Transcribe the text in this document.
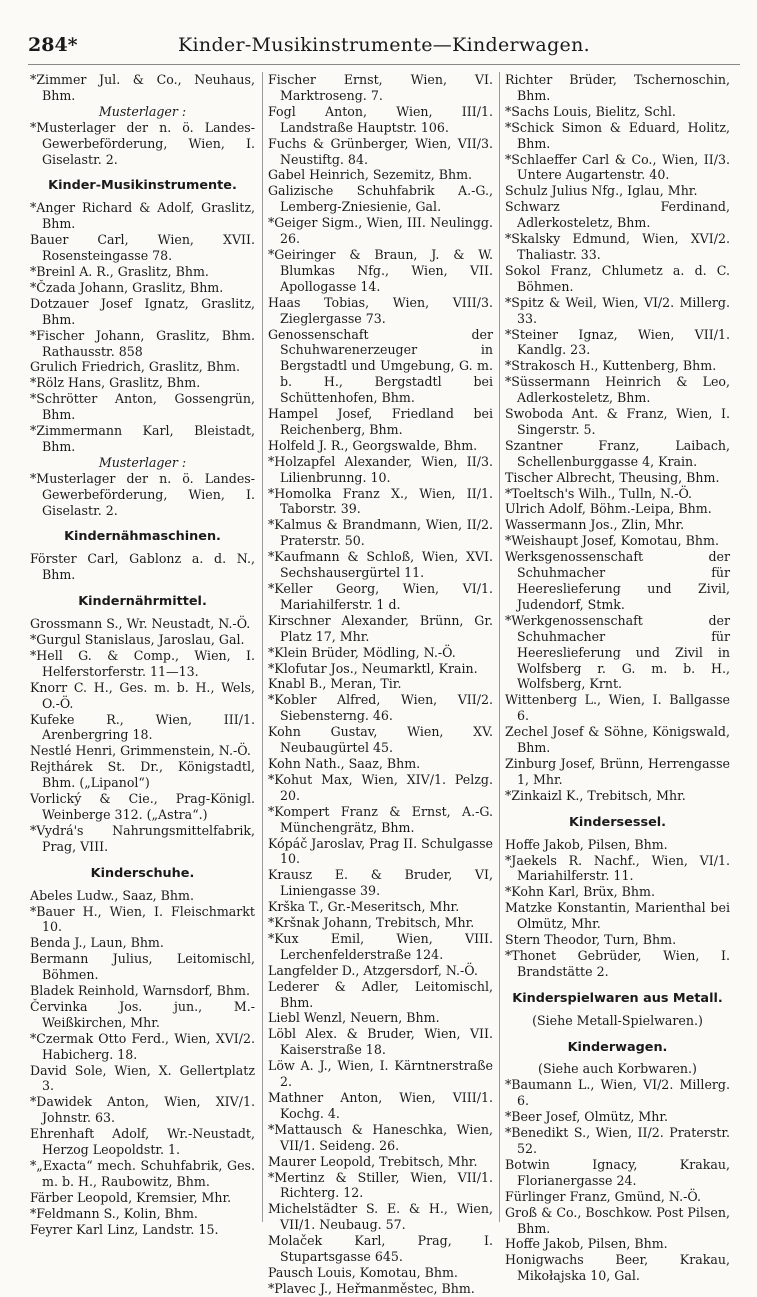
284*	Kinder-Musikinstrumente—Kinderwagen.
*Zimmer Jul. & Co., Neuhaus, Bhm.
Musterlager :
*Musterlager der n. ö. Landes-Gewerbeförderung, Wien, I. Giselastr. 2.
Kinder-Musikinstrumente.
*Anger Richard & Adolf, Graslitz, Bhm.
Bauer Carl, Wien, XVII. Rosensteingasse 78.
*Breinl A. R., Graslitz, Bhm.
*Čzada Johann, Graslitz, Bhm.
Dotzauer Josef Ignatz, Graslitz, Bhm.
*Fischer Johann, Graslitz, Bhm. Rathausstr. 858
Grulich Friedrich, Graslitz, Bhm.
*Rölz Hans, Graslitz, Bhm.
*Schrötter Anton, Gossengrün, Bhm.
*Zimmermann Karl, Bleistadt, Bhm.
Musterlager :
*Musterlager der n. ö. Landes-Gewerbeförderung, Wien, I. Giselastr. 2.
Kindernähmaschinen.
Förster Carl, Gablonz a. d. N., Bhm.
Kindernährmittel.
Grossmann S., Wr. Neustadt, N.-Ö.
*Gurgul Stanislaus, Jaroslau, Gal.
*Hell G. & Comp., Wien, I. Helferstorferstr. 11—13.
Knorr C. H., Ges. m. b. H., Wels, O.-Ö.
Kufeke R., Wien, III/1. Arenbergring 18.
Nestlé Henri, Grimmenstein, N.-Ö.
Rejthárek St. Dr., Königstadtl, Bhm. („Lipanol“)
Vorlický & Cie., Prag-Königl. Weinberge 312. („Astra“.)
*Vydrá's Nahrungsmittelfabrik, Prag, VIII.
Kinderschuhe.
Abeles Ludw., Saaz, Bhm.
*Bauer H., Wien, I. Fleischmarkt 10.
Benda J., Laun, Bhm.
Bermann Julius, Leitomischl, Böhmen.
Bladek Reinhold, Warnsdorf, Bhm.
Červinka Jos. jun., M.-Weißkirchen, Mhr.
*Czermak Otto Ferd., Wien, XVI/2. Habicherg. 18.
David Sole, Wien, X. Gellertplatz 3.
*Dawidek Anton, Wien, XIV/1. Johnstr. 63.
Ehrenhaft Adolf, Wr.-Neustadt, Herzog Leopoldstr. 1.
*„Exacta“ mech. Schuhfabrik, Ges. m. b. H., Raubowitz, Bhm.
Färber Leopold, Kremsier, Mhr.
*Feldmann S., Kolin, Bhm.
Feyrer Karl Linz, Landstr. 15.
Fischer Ernst, Wien, VI. Marktroseng. 7.
Fogl Anton, Wien, III/1. Landstraße Hauptstr. 106.
Fuchs & Grünberger, Wien, VII/3. Neustiftg. 84.
Gabel Heinrich, Sezemitz, Bhm.
Galizische Schuhfabrik A.-G., Lemberg-Zniesienie, Gal.
*Geiger Sigm., Wien, III. Neulingg. 26.
*Geiringer & Braun, J. & W. Blumkas Nfg., Wien, VII. Apollogasse 14.
Haas Tobias, Wien, VIII/3. Zieglergasse 73.
Genossenschaft der Schuhwarenerzeuger in Bergstadtl und Umgebung, G. m. b. H., Bergstadtl bei Schüttenhofen, Bhm.
Hampel Josef, Friedland bei Reichenberg, Bhm.
Holfeld J. R., Georgswalde, Bhm.
*Holzapfel Alexander, Wien, II/3. Lilienbrunng. 10.
*Homolka Franz X., Wien, II/1. Taborstr. 39.
*Kalmus & Brandmann, Wien, II/2. Praterstr. 50.
*Kaufmann & Schloß, Wien, XVI. Sechshausergürtel 11.
*Keller Georg, Wien, VI/1. Mariahilferstr. 1 d.
Kirschner Alexander, Brünn, Gr. Platz 17, Mhr.
*Klein Brüder, Mödling, N.-Ö.
*Klofutar Jos., Neumarktl, Krain.
Knabl B., Meran, Tir.
*Kobler Alfred, Wien, VII/2. Siebensterng. 46.
Kohn Gustav, Wien, XV. Neubaugürtel 45.
Kohn Nath., Saaz, Bhm.
*Kohut Max, Wien, XIV/1. Pelzg. 20.
*Kompert Franz & Ernst, A.-G. Münchengrätz, Bhm.
Kópáč Jaroslav, Prag II. Schulgasse 10.
Krausz E. & Bruder, VI, Liniengasse 39.
Krška T., Gr.-Meseritsch, Mhr.
*Kršnak Johann, Trebitsch, Mhr.
*Kux Emil, Wien, VIII. Lerchenfelderstraße 124.
Langfelder D., Atzgersdorf, N.-Ö.
Lederer & Adler, Leitomischl, Bhm.
Liebl Wenzl, Neuern, Bhm.
Löbl Alex. & Bruder, Wien, VII. Kaiserstraße 18.
Löw A. J., Wien, I. Kärntnerstraße 2.
Mathner Anton, Wien, VIII/1. Kochg. 4.
*Mattausch & Haneschka, Wien, VII/1. Seideng. 26.
Maurer Leopold, Trebitsch, Mhr.
*Mertinz & Stiller, Wien, VII/1. Richterg. 12.
Michelstädter S. E. & H., Wien, VII/1. Neubaug. 57.
Molaček Karl, Prag, I. Stupartsgasse 645.
Pausch Louis, Komotau, Bhm.
*Plavec J., Heřmanměstec, Bhm.
Richter Brüder, Tschernoschin, Bhm.
*Sachs Louis, Bielitz, Schl.
*Schick Simon & Eduard, Holitz, Bhm.
*Schlaeffer Carl & Co., Wien, II/3. Untere Augartenstr. 40.
Schulz Julius Nfg., Iglau, Mhr.
Schwarz Ferdinand, Adlerkosteletz, Bhm.
*Skalsky Edmund, Wien, XVI/2. Thaliastr. 33.
Sokol Franz, Chlumetz a. d. C. Böhmen.
*Spitz & Weil, Wien, VI/2. Millerg. 33.
*Steiner Ignaz, Wien, VII/1. Kandlg. 23.
*Strakosch H., Kuttenberg, Bhm.
*Süssermann Heinrich & Leo, Adlerkosteletz, Bhm.
Swoboda Ant. & Franz, Wien, I. Singerstr. 5.
Szantner Franz, Laibach, Schellenburggasse 4, Krain.
Tischer Albrecht, Theusing, Bhm.
*Toeltsch's Wilh., Tulln, N.-Ö.
Ulrich Adolf, Böhm.-Leipa, Bhm.
Wassermann Jos., Zlin, Mhr.
*Weishaupt Josef, Komotau, Bhm.
Werksgenossenschaft der Schuhmacher für Heereslieferung und Zivil, Judendorf, Stmk.
*Werkgenossenschaft der Schuhmacher für Heereslieferung und Zivil in Wolfsberg r. G. m. b. H., Wolfsberg, Krnt.
Wittenberg L., Wien, I. Ballgasse 6.
Zechel Josef & Söhne, Königswald, Bhm.
Zinburg Josef, Brünn, Herrengasse 1, Mhr.
*Zinkaizl K., Trebitsch, Mhr.
Kindersessel.
Hoffe Jakob, Pilsen, Bhm.
*Jaekels R. Nachf., Wien, VI/1. Mariahilferstr. 11.
*Kohn Karl, Brüx, Bhm.
Matzke Konstantin, Marienthal bei Olmütz, Mhr.
Stern Theodor, Turn, Bhm.
*Thonet Gebrüder, Wien, I. Brandstätte 2.
Kinderspielwaren aus Metall.
(Siehe Metall-Spielwaren.)
Kinderwagen.
(Siehe auch Korbwaren.)
*Baumann L., Wien, VI/2. Millerg. 6.
*Beer Josef, Olmütz, Mhr.
*Benedikt S., Wien, II/2. Praterstr. 52.
Botwin Ignacy, Krakau, Florianergasse 24.
Fürlinger Franz, Gmünd, N.-Ö.
Groß & Co., Boschkow. Post Pilsen, Bhm.
Hoffe Jakob, Pilsen, Bhm.
Honigwachs Beer, Krakau, Mikołajska 10, Gal.
